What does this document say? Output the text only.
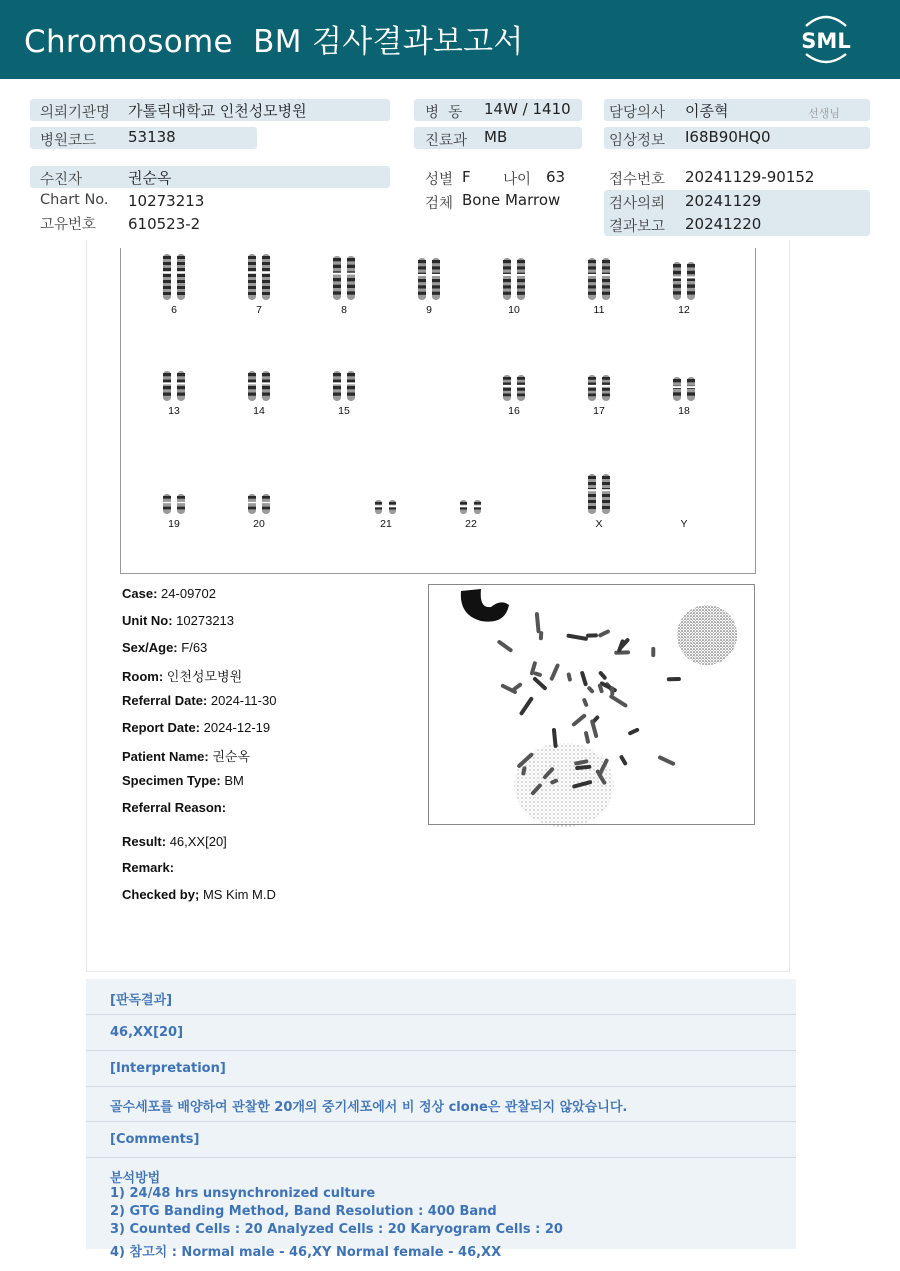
Chromosome  BM 검사결과보고서	SML
의뢰기관명 가톨릭대학교 인천성모병원
병원코드 53138
병  동 14W / 1410
진료과 MB
담당의사 이종혁	선생님
임상정보 I68B90HQ0
수진자	권순옥
Chart No. 10273213
고유번호 610523-2
성별 F 나이 63
검체 Bone Marrow
접수번호 20241129-90152
검사의뢰 20241129
결과보고 20241220
6	7	8	9	10	11	12
13	14	15	16	17	18
19	20	21	22	X	Y
Case: 24-09702
Unit No: 10273213
Sex/Age: F/63
Room: 인천성모병원
Referral Date: 2024-11-30
Report Date: 2024-12-19
Patient Name: 권순옥
Specimen Type: BM
Referral Reason:
Result: 46,XX[20]
Remark:
Checked by; MS Kim M.D
[판독결과]
46,XX[20]
[Interpretation]
골수세포를 배양하여 관찰한 20개의 중기세포에서 비 정상 clone은 관찰되지 않았습니다.
[Comments]
분석방법
1) 24/48 hrs unsynchronized culture
2) GTG Banding Method, Band Resolution : 400 Band
3) Counted Cells : 20 Analyzed Cells : 20 Karyogram Cells : 20
4) 참고치 : Normal male - 46,XY Normal female - 46,XX
